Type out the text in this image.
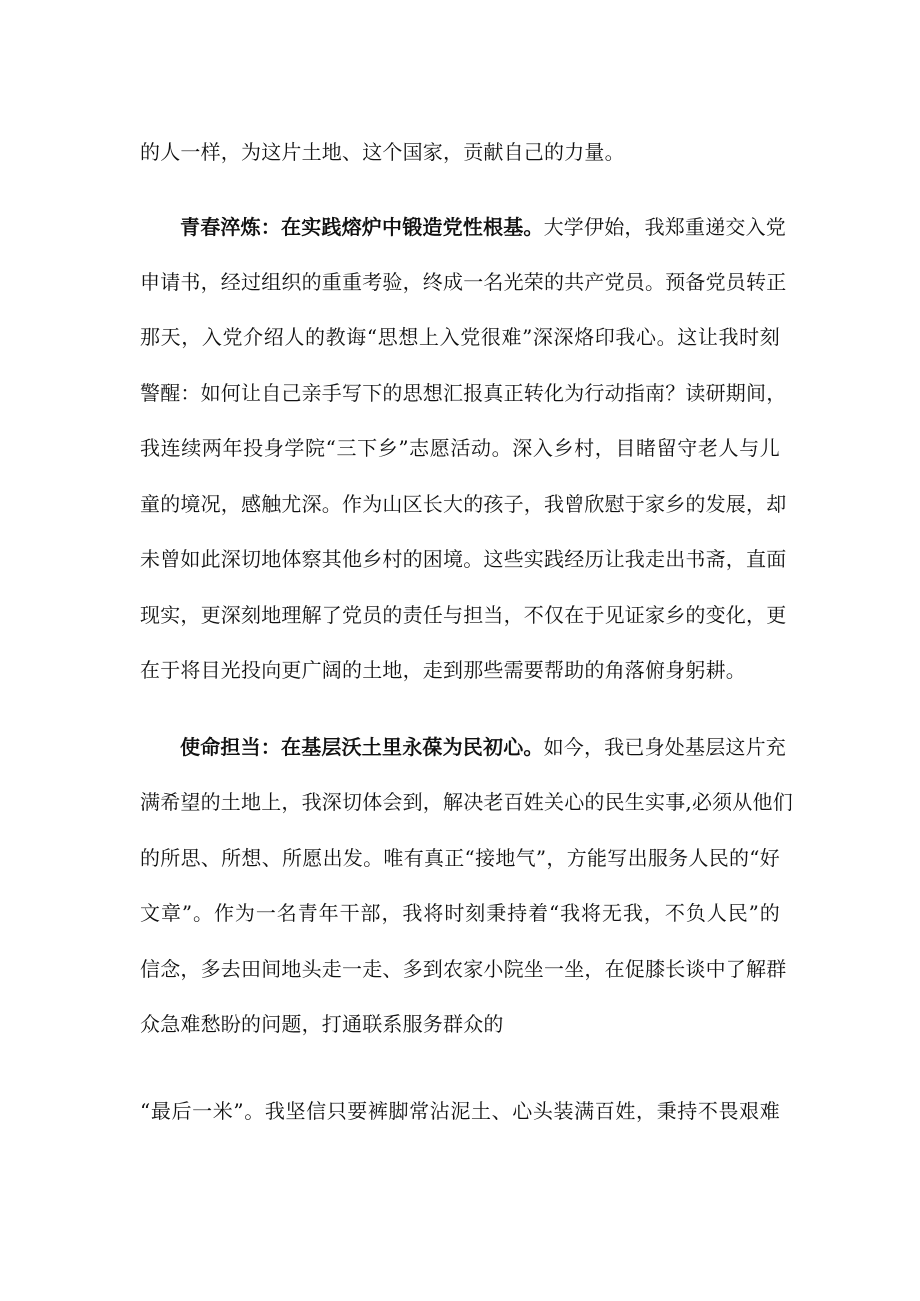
的人一样，为这片土地、这个国家，贡献自己的力量。
青春淬炼：在实践熔炉中锻造党性根基。大学伊始，我郑重递交入党
申请书，经过组织的重重考验，终成一名光荣的共产党员。预备党员转正
那天，入党介绍人的教诲“思想上入党很难”深深烙印我心。这让我时刻
警醒：如何让自己亲手写下的思想汇报真正转化为行动指南？读研期间，
我连续两年投身学院“三下乡”志愿活动。深入乡村，目睹留守老人与儿
童的境况，感触尤深。作为山区长大的孩子，我曾欣慰于家乡的发展，却
未曾如此深切地体察其他乡村的困境。这些实践经历让我走出书斋，直面
现实，更深刻地理解了党员的责任与担当，不仅在于见证家乡的变化，更
在于将目光投向更广阔的土地，走到那些需要帮助的角落俯身躬耕。
使命担当：在基层沃土里永葆为民初心。如今，我已身处基层这片充
满希望的土地上，我深切体会到，解决老百姓关心的民生实事,必须从他们
的所思、所想、所愿出发。唯有真正“接地气”，方能写出服务人民的“好
文章”。作为一名青年干部，我将时刻秉持着“我将无我，不负人民”的
信念，多去田间地头走一走、多到农家小院坐一坐，在促膝长谈中了解群
众急难愁盼的问题，打通联系服务群众的
“最后一米”。我坚信只要裤脚常沾泥土、心头装满百姓，秉持不畏艰难
